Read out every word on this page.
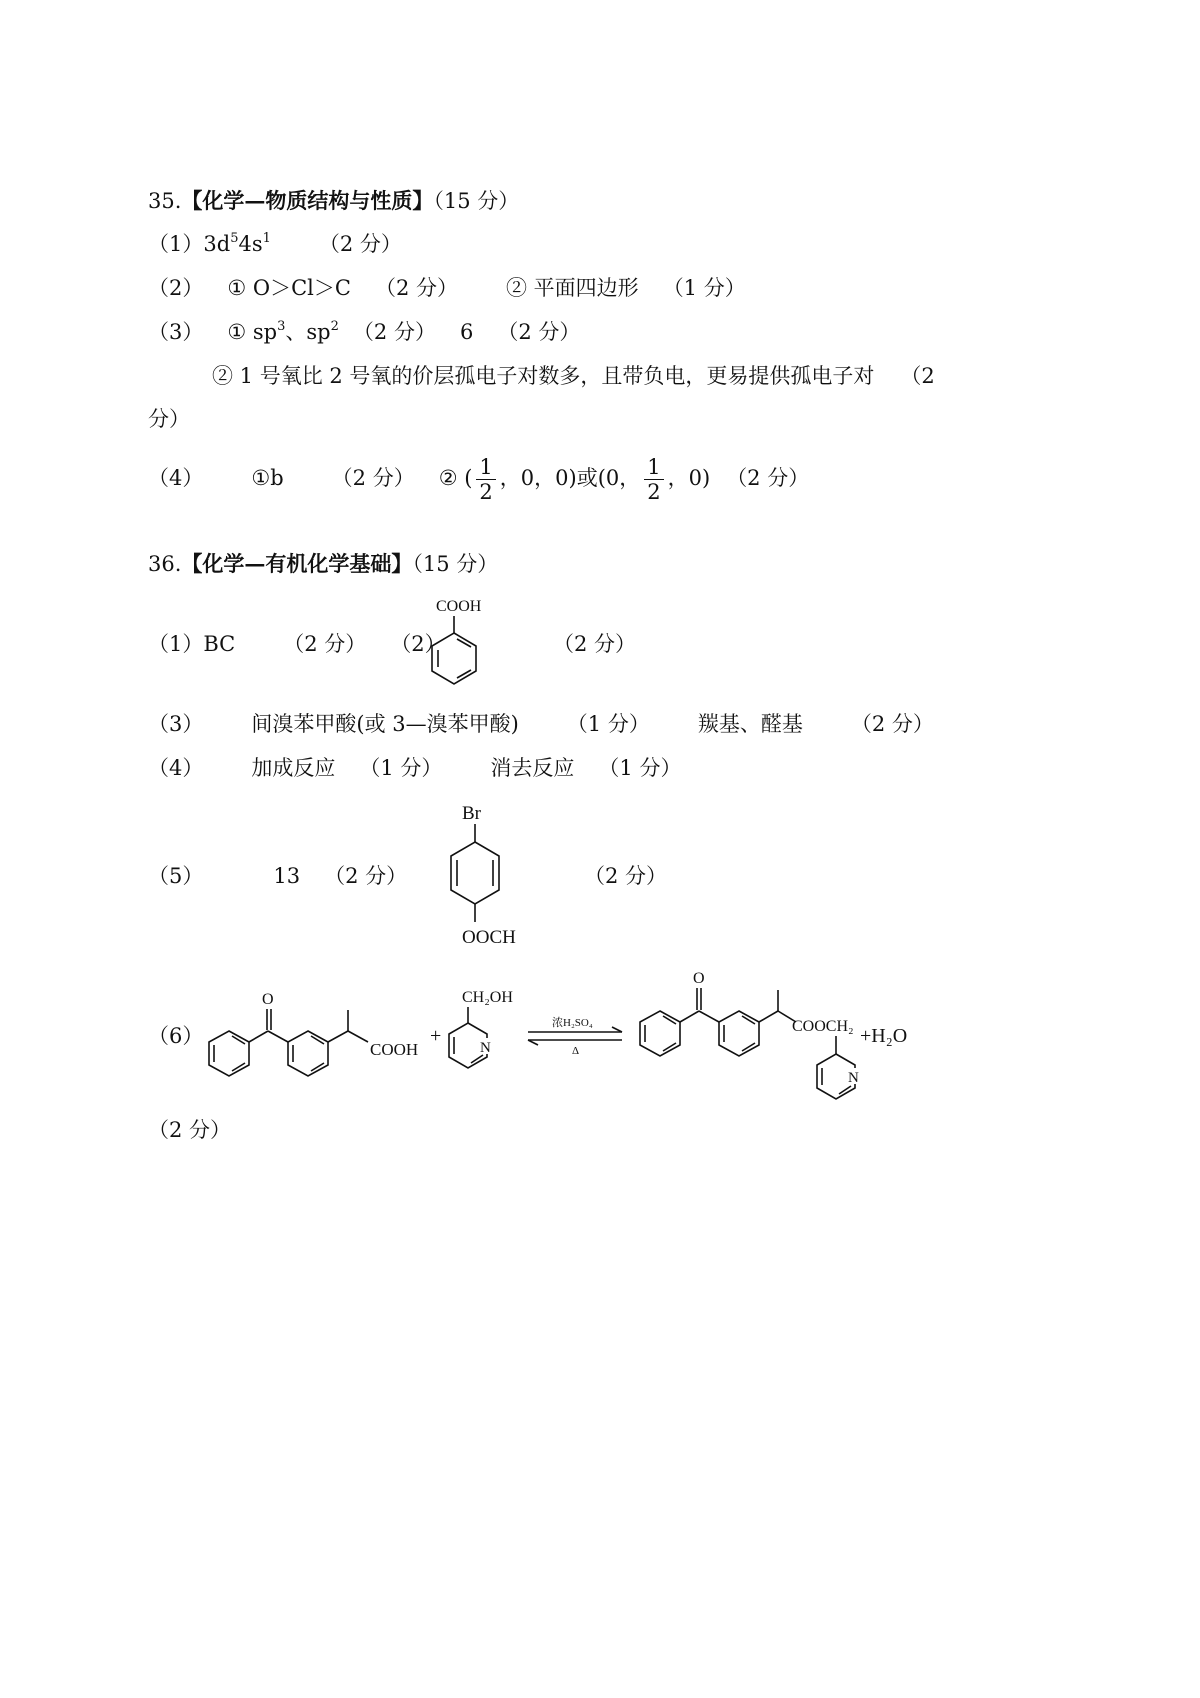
35.【化学—物质结构与性质】（15 分）
$(1)3d^54s^1$ （2 分）
（2） ① O＞Cl＞C （2 分） ② 平面四边形 （1 分）
（3） ① $sp^3$、$sp^2$ （2 分） 6 （2 分）
② 1 号氧比 2 号氧的价层孤电子对数多，且带负电，更易提供孤电子对 （2
分）
（4） ①b （2 分） ② ( $\frac{1}{2}$ ，0，0)或(0， $\frac{1}{2}$ ，0) （2 分）
36.【化学—有机化学基础】（15 分）
（1）BC （2 分） （2）	（2 分）
COOH
（3） 间溴苯甲酸(或 3—溴苯甲酸) （1 分） 羰基、醛基 （2 分）
（4） 加成反应 （1 分） 消去反应 （1 分）
（5）	13 （2 分）	（2 分）
Br
OOCH
（6）
O
COOH
+
CH₂OH
N
浓H₂SO₄
Δ
O
COOCH₂
N
+H₂O
（2 分）
